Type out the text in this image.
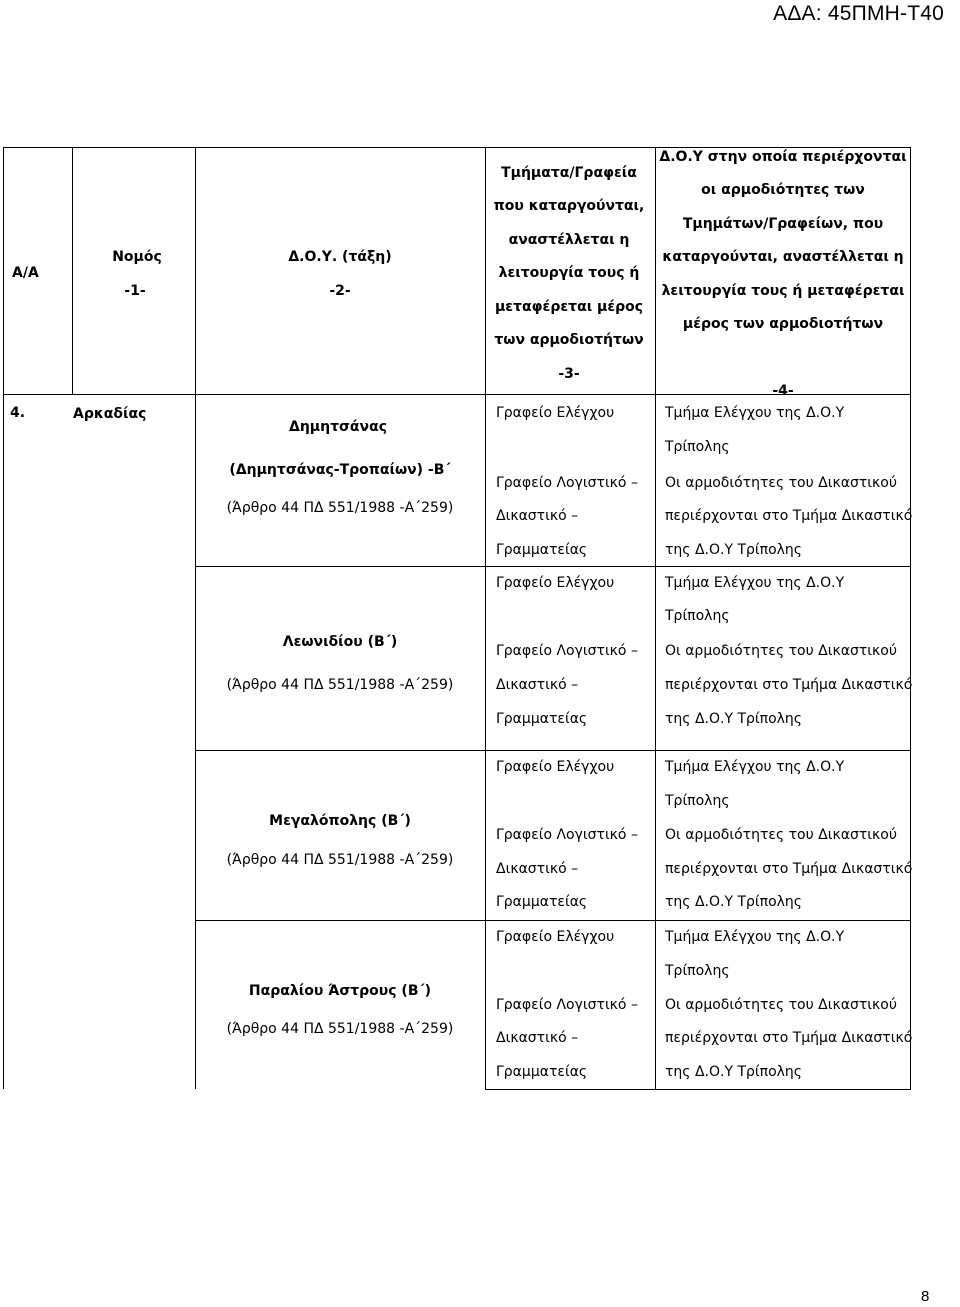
ΑΔΑ: 45ΠΜΗ-Τ40
Α/Α
Νομός
-1-
Δ.Ο.Υ. (τάξη)
-2-
Τμήματα/Γραφεία
που καταργούνται,
αναστέλλεται η
λειτουργία τους ή
μεταφέρεται μέρος
των αρμοδιοτήτων
-3-
Δ.Ο.Υ στην οποία περιέρχονται
οι αρμοδιότητες των
Τμημάτων/Γραφείων, που
καταργούνται, αναστέλλεται η
λειτουργία τους ή μεταφέρεται
μέρος των αρμοδιοτήτων
-4-
4.	Αρκαδίας
Δημητσάνας
(Δημητσάνας-Τροπαίων) -Β΄
(Άρθρο 44 ΠΔ 551/1988 -Α΄259)
Γραφείο Ελέγχου
Γραφείο Λογιστικό –
Δικαστικό –
Γραμματείας
Τμήμα Ελέγχου της Δ.Ο.Υ
Τρίπολης
Οι αρμοδιότητες του Δικαστικού
περιέρχονται στο Τμήμα Δικαστικό
της Δ.Ο.Υ Τρίπολης
Λεωνιδίου (Β΄)
(Άρθρο 44 ΠΔ 551/1988 -Α΄259)
Γραφείο Ελέγχου
Γραφείο Λογιστικό –
Δικαστικό –
Γραμματείας
Τμήμα Ελέγχου της Δ.Ο.Υ
Τρίπολης
Οι αρμοδιότητες του Δικαστικού
περιέρχονται στο Τμήμα Δικαστικό
της Δ.Ο.Υ Τρίπολης
Μεγαλόπολης (Β΄)
(Άρθρο 44 ΠΔ 551/1988 -Α΄259)
Γραφείο Ελέγχου
Γραφείο Λογιστικό –
Δικαστικό –
Γραμματείας
Τμήμα Ελέγχου της Δ.Ο.Υ
Τρίπολης
Οι αρμοδιότητες του Δικαστικού
περιέρχονται στο Τμήμα Δικαστικό
της Δ.Ο.Υ Τρίπολης
Παραλίου Άστρους (Β΄)
(Άρθρο 44 ΠΔ 551/1988 -Α΄259)
Γραφείο Ελέγχου
Γραφείο Λογιστικό –
Δικαστικό –
Γραμματείας
Τμήμα Ελέγχου της Δ.Ο.Υ
Τρίπολης
Οι αρμοδιότητες του Δικαστικού
περιέρχονται στο Τμήμα Δικαστικό
της Δ.Ο.Υ Τρίπολης
8
